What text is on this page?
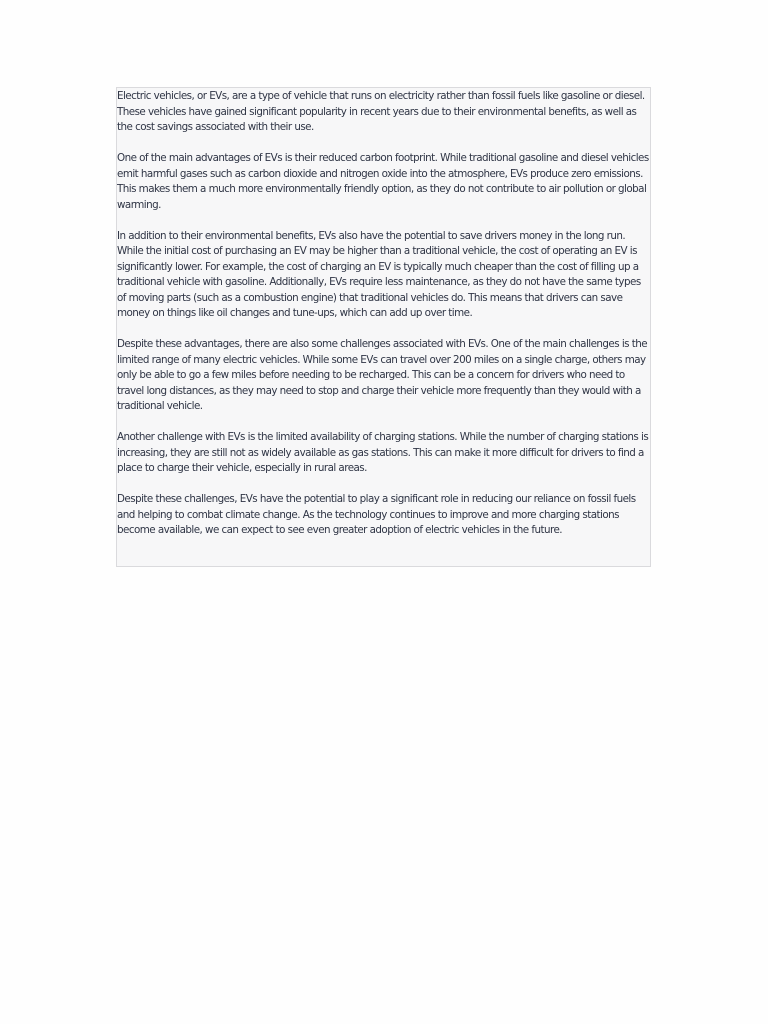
Electric vehicles, or EVs, are a type of vehicle that runs on electricity rather than fossil fuels like gasoline or diesel. These vehicles have gained significant popularity in recent years due to their environmental benefits, as well as the cost savings associated with their use.

One of the main advantages of EVs is their reduced carbon footprint. While traditional gasoline and diesel vehicles emit harmful gases such as carbon dioxide and nitrogen oxide into the atmosphere, EVs produce zero emissions. This makes them a much more environmentally friendly option, as they do not contribute to air pollution or global warming.

In addition to their environmental benefits, EVs also have the potential to save drivers money in the long run. While the initial cost of purchasing an EV may be higher than a traditional vehicle, the cost of operating an EV is significantly lower. For example, the cost of charging an EV is typically much cheaper than the cost of filling up a traditional vehicle with gasoline. Additionally, EVs require less maintenance, as they do not have the same types of moving parts (such as a combustion engine) that traditional vehicles do. This means that drivers can save money on things like oil changes and tune-ups, which can add up over time.

Despite these advantages, there are also some challenges associated with EVs. One of the main challenges is the limited range of many electric vehicles. While some EVs can travel over 200 miles on a single charge, others may only be able to go a few miles before needing to be recharged. This can be a concern for drivers who need to travel long distances, as they may need to stop and charge their vehicle more frequently than they would with a traditional vehicle.

Another challenge with EVs is the limited availability of charging stations. While the number of charging stations is increasing, they are still not as widely available as gas stations. This can make it more difficult for drivers to find a place to charge their vehicle, especially in rural areas.

Despite these challenges, EVs have the potential to play a significant role in reducing our reliance on fossil fuels and helping to combat climate change. As the technology continues to improve and more charging stations become available, we can expect to see even greater adoption of electric vehicles in the future.
